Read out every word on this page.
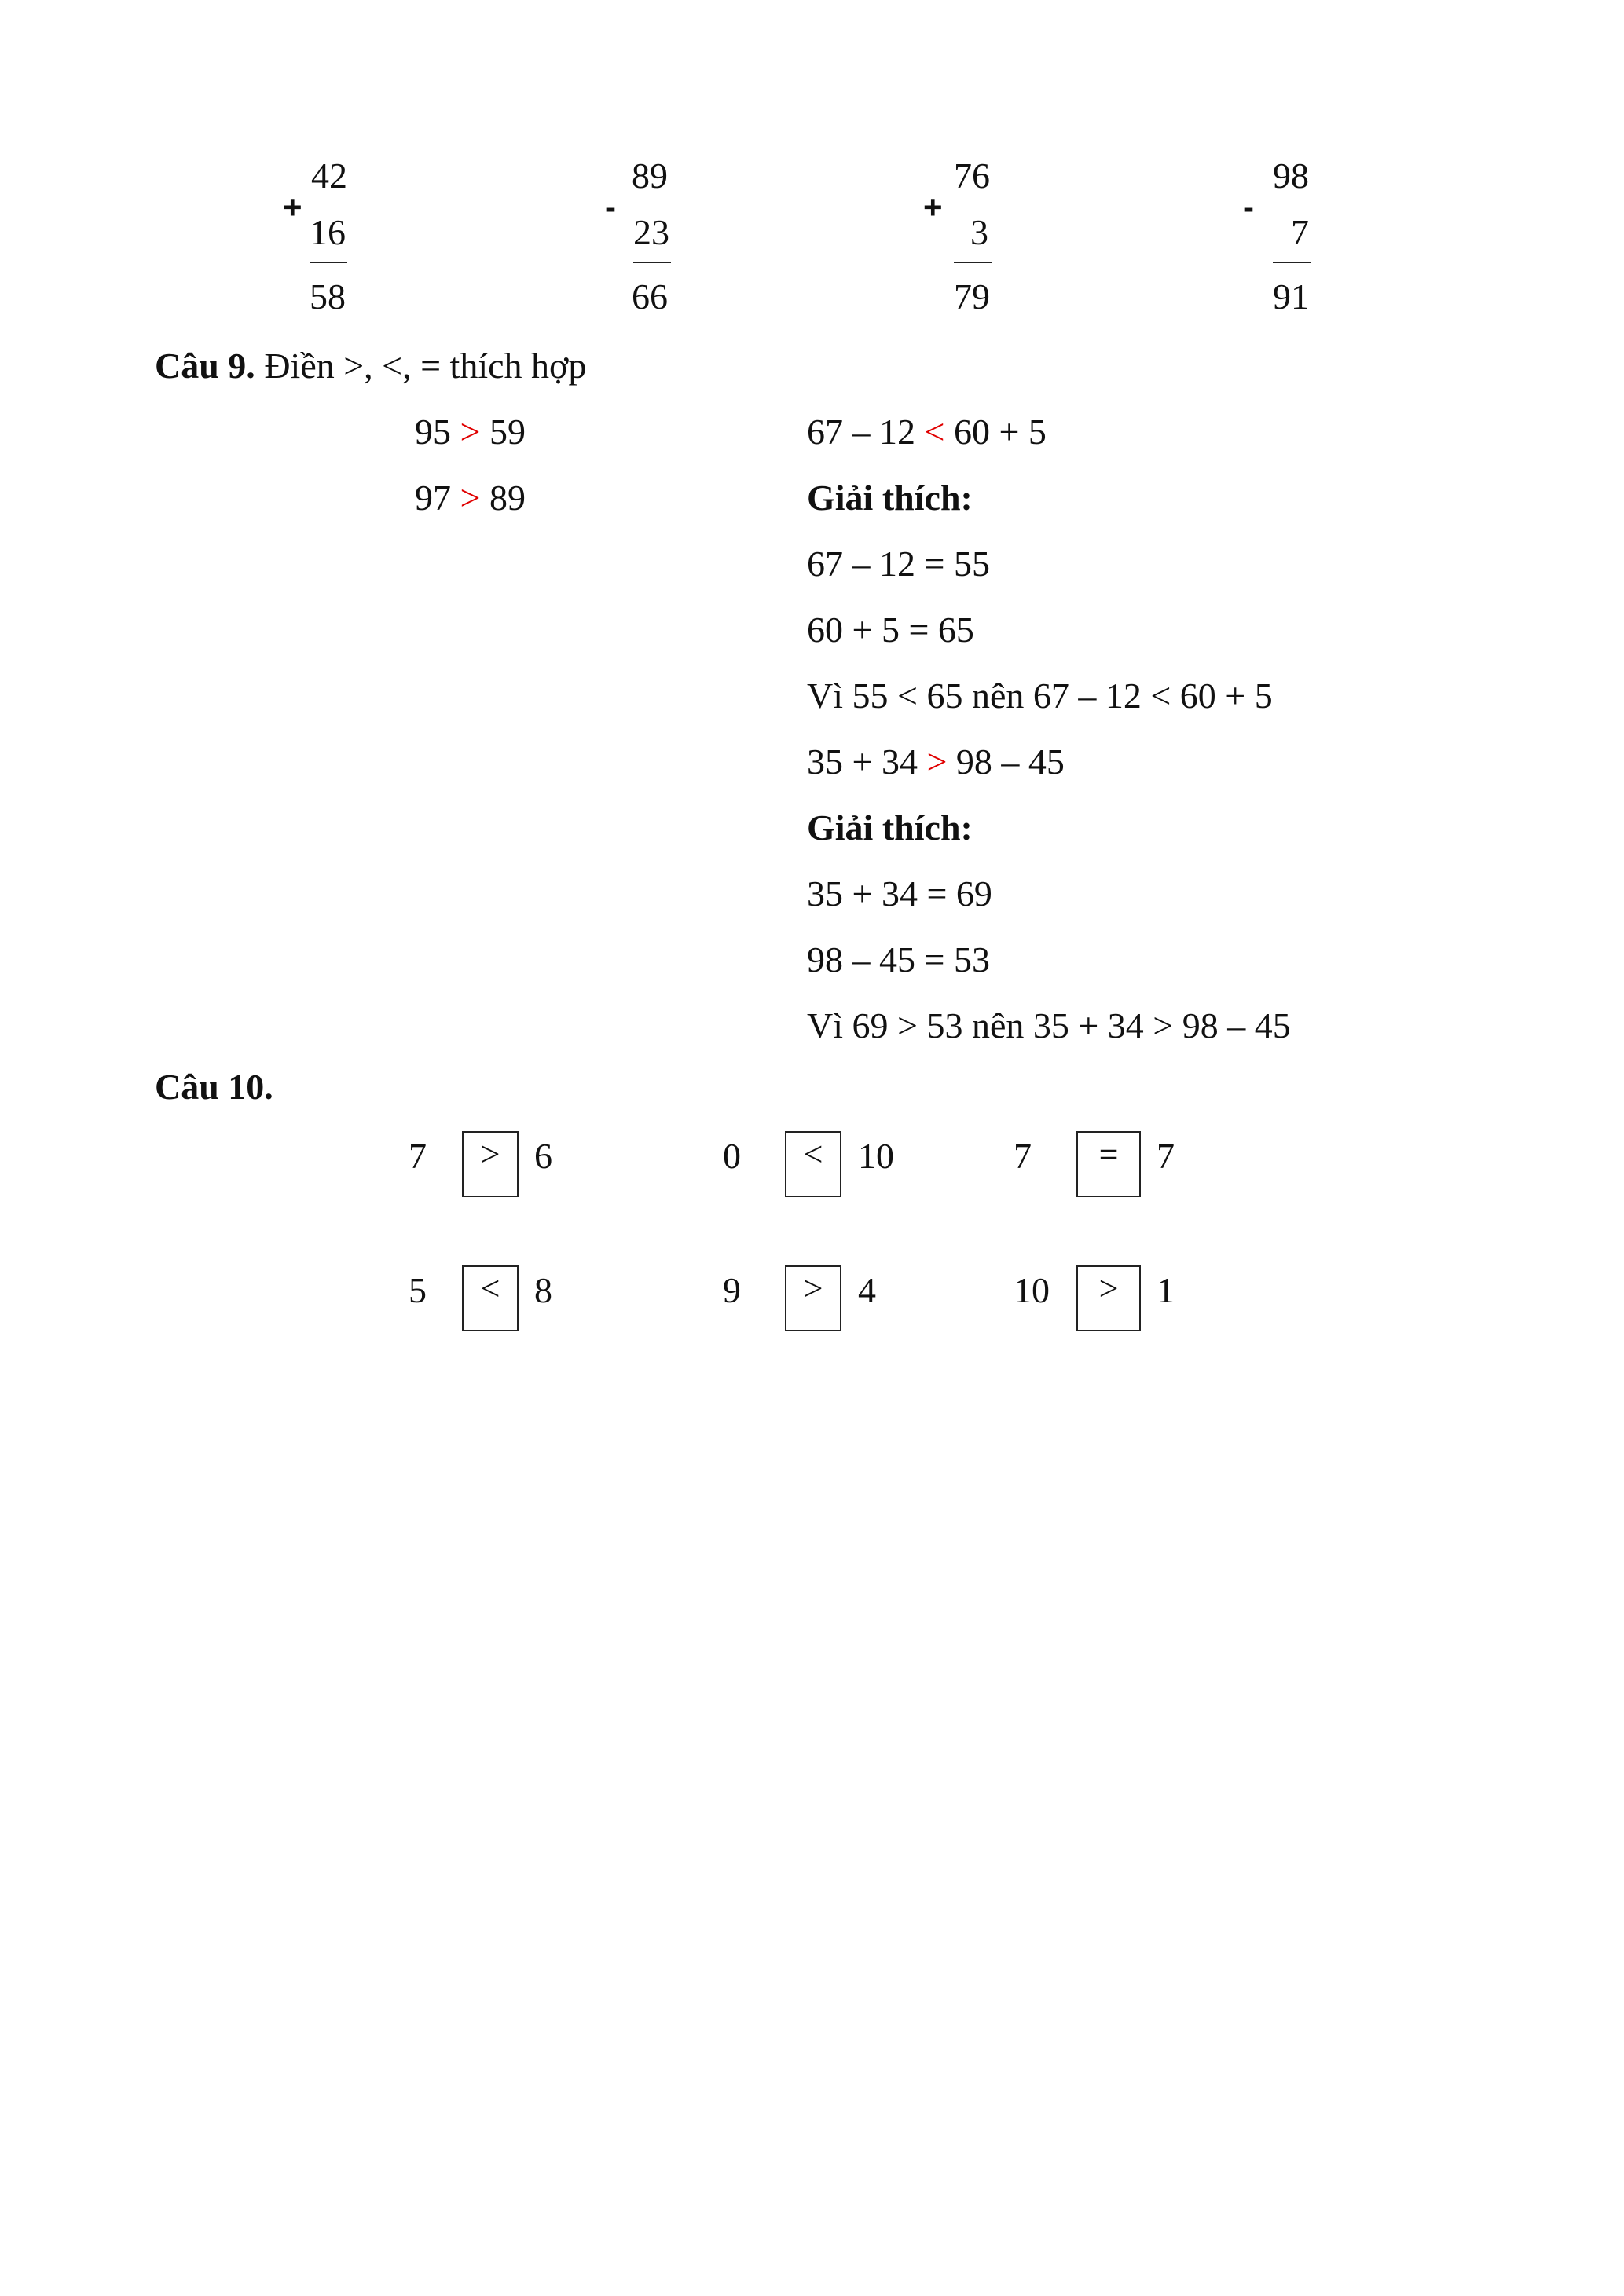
+
42
16
58
-
89
23
66
+
76
3
79
-
98
7
91
Câu 9. Điền >, <, = thích hợp
95 > 59
97 > 89
67 – 12 < 60 + 5
Giải thích:
67 – 12 = 55
60 + 5 = 65
Vì 55 < 65 nên 67 – 12 < 60 + 5
35 + 34 > 98 – 45
Giải thích:
35 + 34 = 69
98 – 45 = 53
Vì 69 > 53 nên 35 + 34 > 98 – 45
Câu 10.
7	> 6	0	< 10	7	=	7
5	< 8	9	> 4	10	>	1
